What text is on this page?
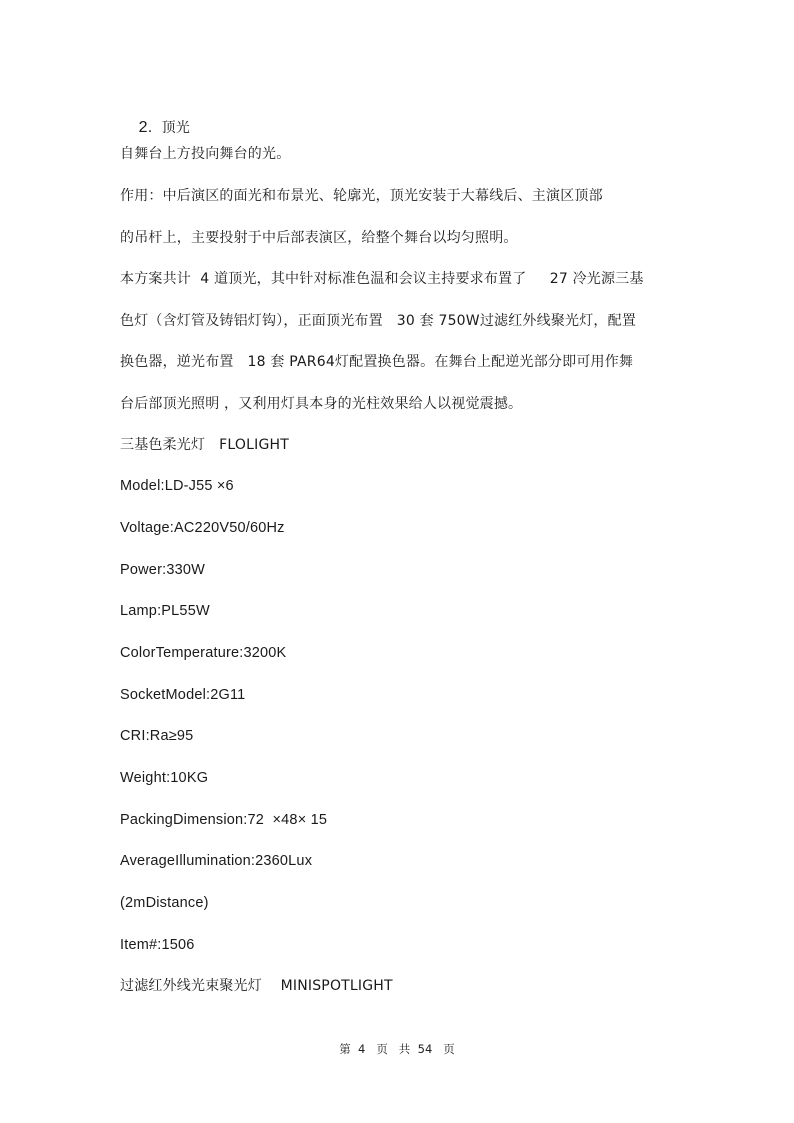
2. 顶光

自舞台上方投向舞台的光。
作用：中后演区的面光和布景光、轮廓光，顶光安装于大幕线后、主演区顶部
的吊杆上，主要投射于中后部表演区，给整个舞台以均匀照明。
本方案共计  4 道顶光，其中针对标准色温和会议主持要求布置了     27 冷光源三基
色灯（含灯管及铸铝灯钩），正面顶光布置   30 套 750W过滤红外线聚光灯，配置
换色器，逆光布置   18 套 PAR64灯配置换色器。在舞台上配逆光部分即可用作舞
台后部顶光照明 ，又利用灯具本身的光柱效果给人以视觉震撼。
三基色柔光灯   FLOLIGHT
Model:LD-J55 ×6
Voltage:AC220V50/60Hz
Power:330W
Lamp:PL55W
ColorTemperature:3200K
SocketModel:2G11
CRI:Ra≥95
Weight:10KG
PackingDimension:72  ×48× 15
AverageIllumination:2360Lux
(2mDistance)
Item#:1506
过滤红外线光束聚光灯    MINISPOTLIGHT
第  4   页   共  54   页
